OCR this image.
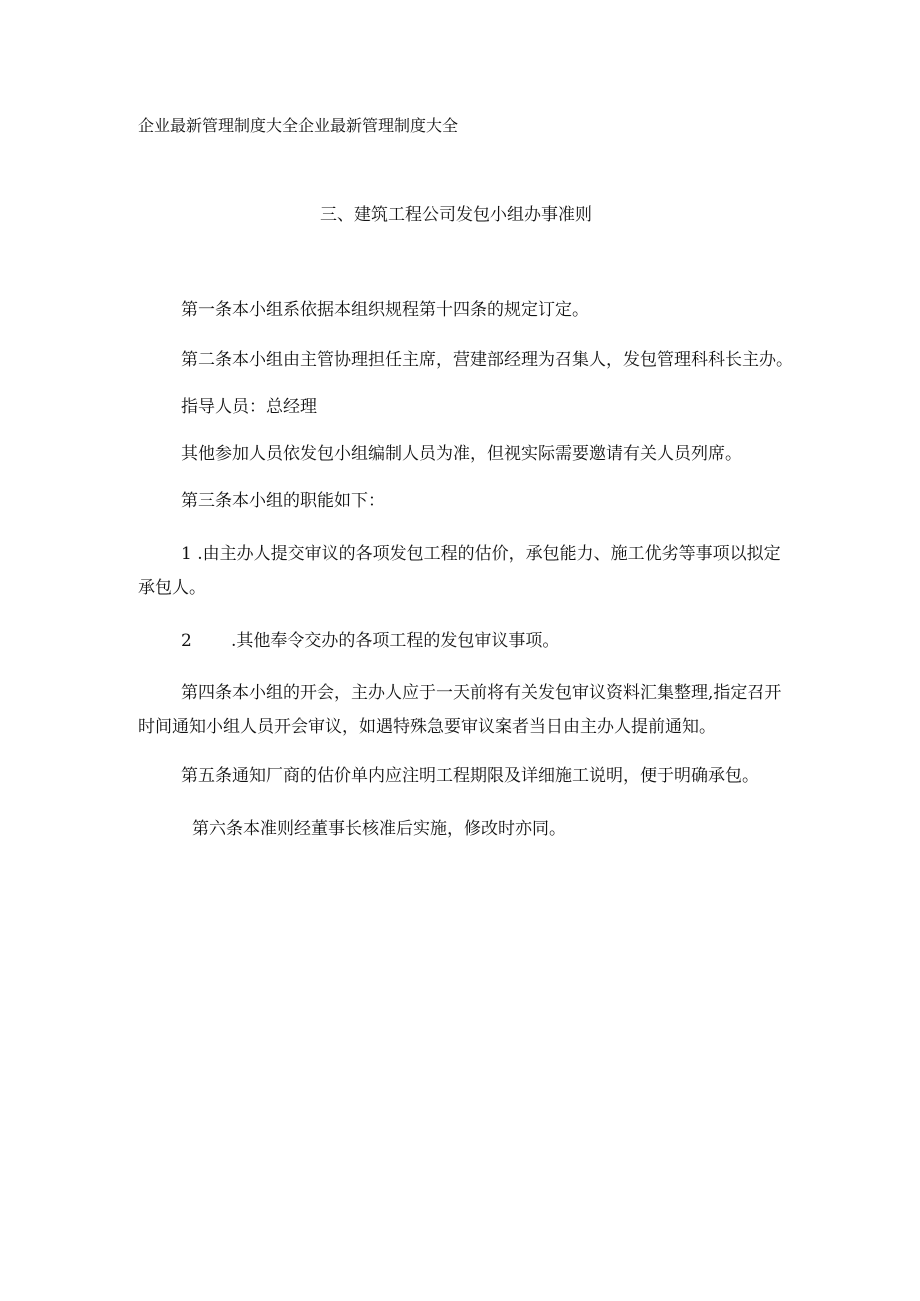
企业最新管理制度大全企业最新管理制度大全
三、建筑工程公司发包小组办事准则
第一条本小组系依据本组织规程第十四条的规定订定。
第二条本小组由主管协理担任主席，营建部经理为召集人，发包管理科科长主办。
指导人员：总经理
其他参加人员依发包小组编制人员为准，但视实际需要邀请有关人员列席。
第三条本小组的职能如下：
1 .由主办人提交审议的各项发包工程的估价，承包能力、施工优劣等事项以拟定
承包人。
2 .其他奉令交办的各项工程的发包审议事项。
第四条本小组的开会，主办人应于一天前将有关发包审议资料汇集整理,指定召开
时间通知小组人员开会审议，如遇特殊急要审议案者当日由主办人提前通知。
第五条通知厂商的估价单内应注明工程期限及详细施工说明，便于明确承包。
第六条本准则经董事长核准后实施，修改时亦同。
